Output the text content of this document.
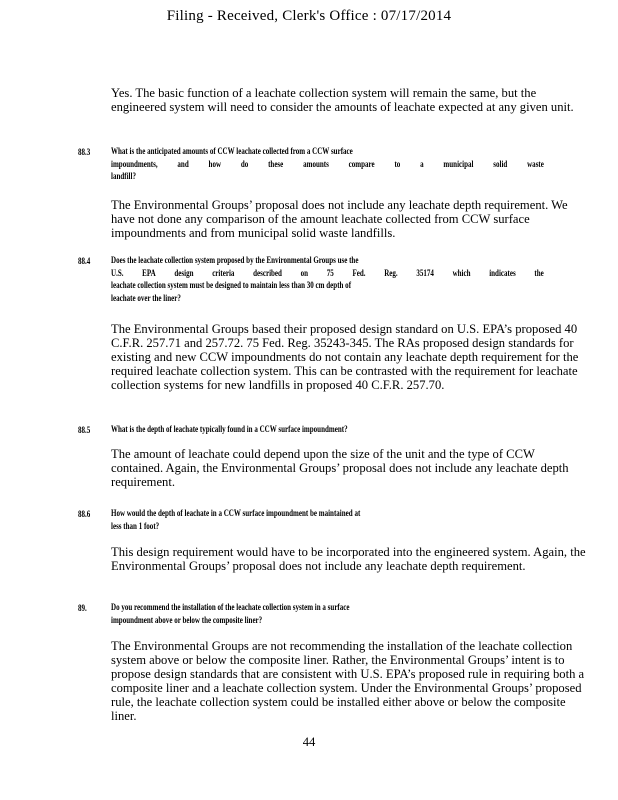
Filing - Received, Clerk's Office : 07/17/2014

Yes. The basic function of a leachate collection system will remain the same, but the engineered system will need to consider the amounts of leachate expected at any given unit.

88.3 What is the anticipated amounts of CCW leachate collected from a CCW surface
impoundments, and how do these amounts compare to a municipal solid waste
landfill?

The Environmental Groups’ proposal does not include any leachate depth requirement. We have not done any comparison of the amount leachate collected from CCW surface impoundments and from municipal solid waste landfills.

88.4 Does the leachate collection system proposed by the Environmental Groups use the
U.S. EPA design criteria described on 75 Fed. Reg. 35174 which indicates the
leachate collection system must be designed to maintain less than 30 cm depth of
leachate over the liner?

The Environmental Groups based their proposed design standard on U.S. EPA’s proposed 40 C.F.R. 257.71 and 257.72. 75 Fed. Reg. 35243-345. The RAs proposed design standards for existing and new CCW impoundments do not contain any leachate depth requirement for the required leachate collection system. This can be contrasted with the requirement for leachate collection systems for new landfills in proposed 40 C.F.R. 257.70.

88.5 What is the depth of leachate typically found in a CCW surface impoundment?

The amount of leachate could depend upon the size of the unit and the type of CCW contained. Again, the Environmental Groups’ proposal does not include any leachate depth requirement.

88.6 How would the depth of leachate in a CCW surface impoundment be maintained at
less than 1 foot?

This design requirement would have to be incorporated into the engineered system. Again, the Environmental Groups’ proposal does not include any leachate depth requirement.

89.	Do you recommend the installation of the leachate collection system in a surface
impoundment above or below the composite liner?

The Environmental Groups are not recommending the installation of the leachate collection system above or below the composite liner. Rather, the Environmental Groups’ intent is to propose design standards that are consistent with U.S. EPA’s proposed rule in requiring both a composite liner and a leachate collection system. Under the Environmental Groups’ proposed rule, the leachate collection system could be installed either above or below the composite liner.

44
